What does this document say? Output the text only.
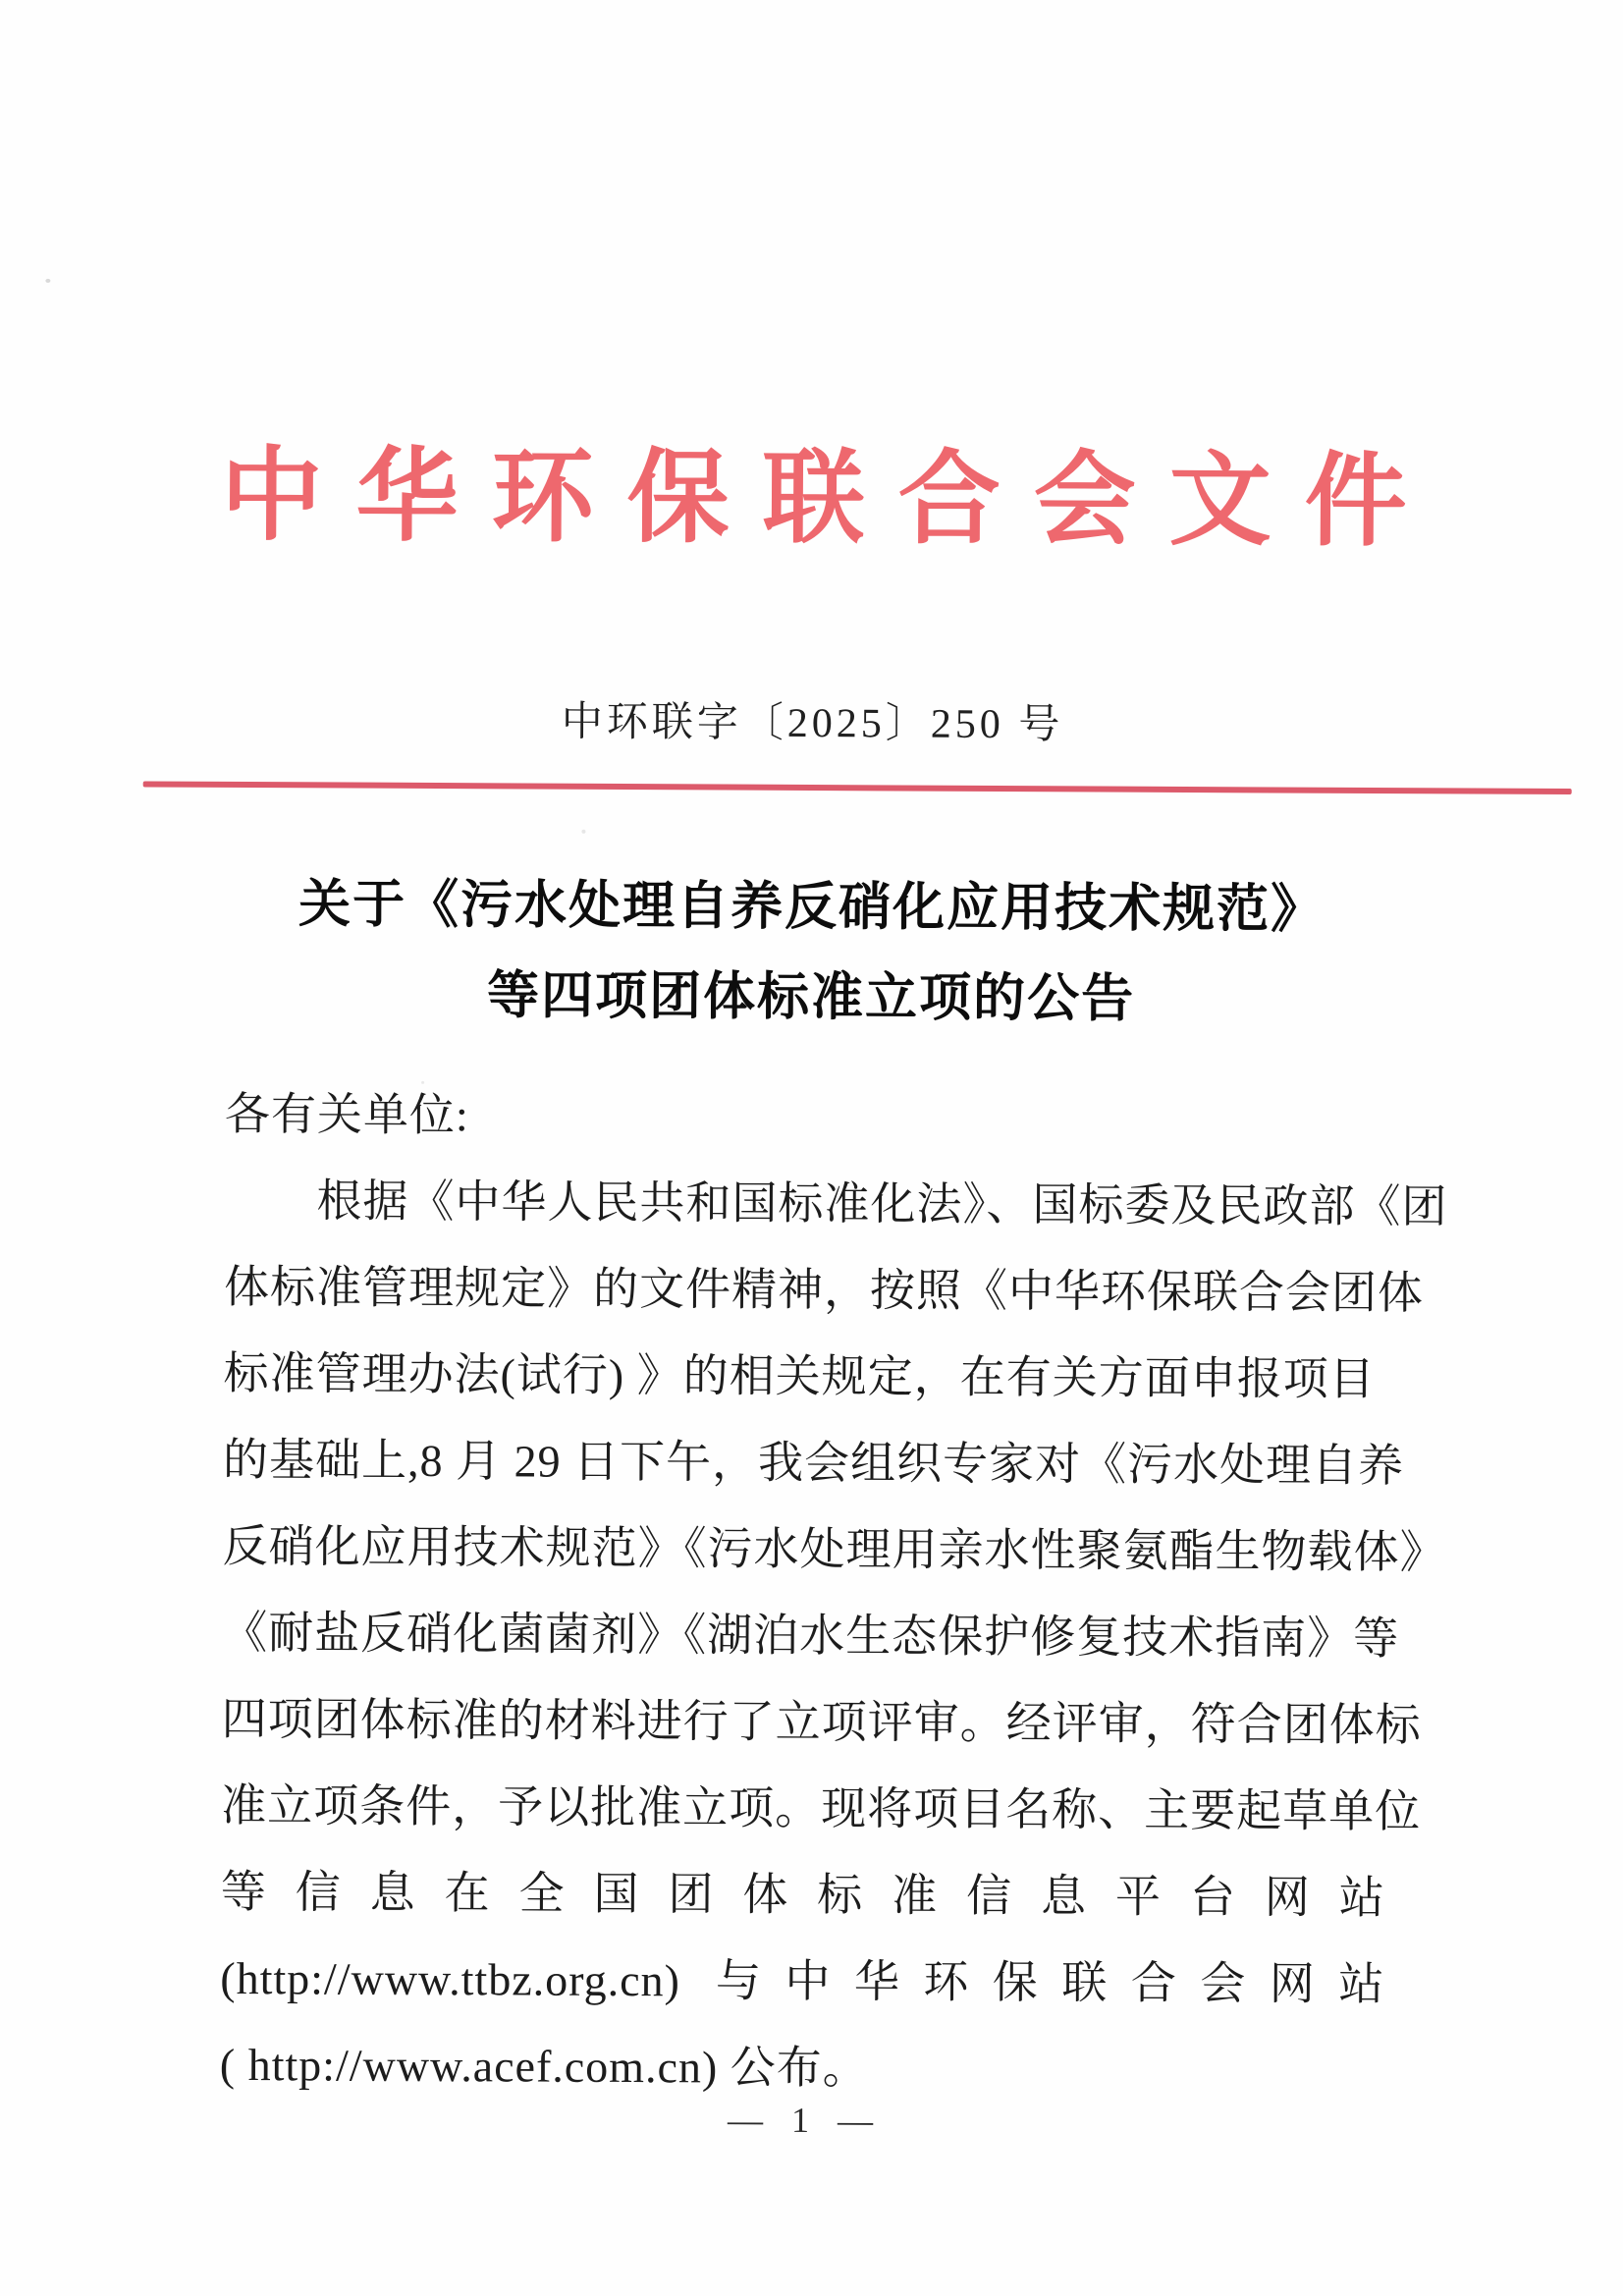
中华环保联合会文件
中环联字〔2025〕250 号
关于《污水处理自养反硝化应用技术规范》
等四项团体标准立项的公告
各有关单位:
根据《中华人民共和国标准化法》、国标委及民政部《团
体标准管理规定》的文件精神，按照《中华环保联合会团体
标准管理办法(试行) 》的相关规定，在有关方面申报项目
的基础上,8 月 29 日下午，我会组织专家对《污水处理自养
反硝化应用技术规范》《污水处理用亲水性聚氨酯生物载体》
《耐盐反硝化菌菌剂》《湖泊水生态保护修复技术指南》等
四项团体标准的材料进行了立项评审。经评审，符合团体标
准立项条件，予以批准立项。现将项目名称、主要起草单位
等信息在全国团体标准信息平台网站
(http://www.ttbz.org.cn) 与中华环保联合会网站
( http://www.acef.com.cn) 公布。
— 1 —
